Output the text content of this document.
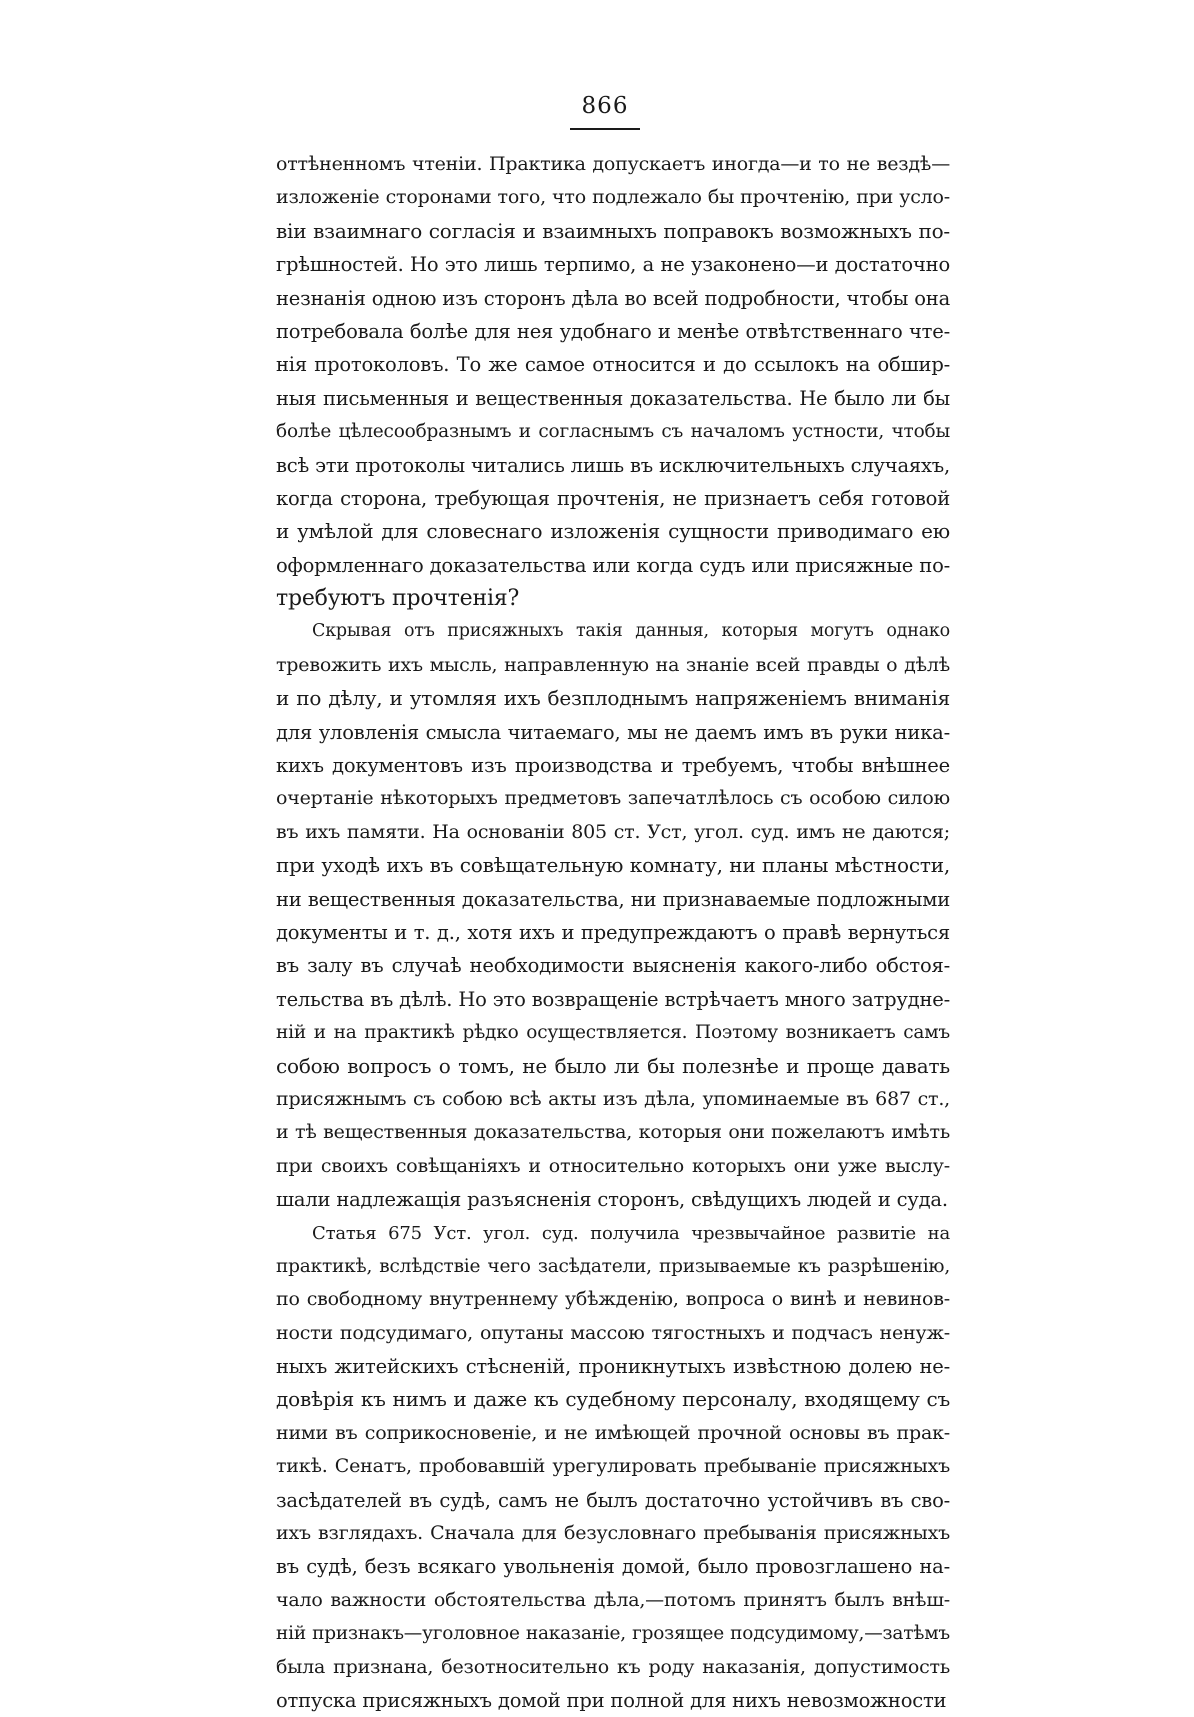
866
оттѣненномъ чтеніи. Практика допускаетъ иногда—и то не вездѣ—
изложеніе сторонами того, что подлежало бы прочтенію, при усло-
віи взаимнаго согласія и взаимныхъ поправокъ возможныхъ по-
грѣшностей. Но это лишь терпимо, а не узаконено—и достаточно
незнанія одною изъ сторонъ дѣла во всей подробности, чтобы она
потребовала болѣе для нея удобнаго и менѣе отвѣтственнаго чте-
нія протоколовъ. То же самое относится и до ссылокъ на обшир-
ныя письменныя и вещественныя доказательства. Не было ли бы
болѣе цѣлесообразнымъ и согласнымъ съ началомъ устности, чтобы
всѣ эти протоколы читались лишь въ исключительныхъ случаяхъ,
когда сторона, требующая прочтенія, не признаетъ себя готовой
и умѣлой для словеснаго изложенія сущности приводимаго ею
оформленнаго доказательства или когда судъ или присяжные по-
требуютъ прочтенія?
Скрывая отъ присяжныхъ такія данныя, которыя могутъ однако
тревожить ихъ мысль, направленную на знаніе всей правды о дѣлѣ
и по дѣлу, и утомляя ихъ безплоднымъ напряженіемъ вниманія
для уловленія смысла читаемаго, мы не даемъ имъ въ руки ника-
кихъ документовъ изъ производства и требуемъ, чтобы внѣшнее
очертаніе нѣкоторыхъ предметовъ запечатлѣлось съ особою силою
въ ихъ памяти. На основаніи 805 ст. Уст, угол. суд. имъ не даются;
при уходѣ ихъ въ совѣщательную комнату, ни планы мѣстности,
ни вещественныя доказательства, ни признаваемые подложными
документы и т. д., хотя ихъ и предупреждаютъ о правѣ вернуться
въ залу въ случаѣ необходимости выясненія какого-либо обстоя-
тельства въ дѣлѣ. Но это возвращеніе встрѣчаетъ много затрудне-
ній и на практикѣ рѣдко осуществляется. Поэтому возникаетъ самъ
собою вопросъ о томъ, не было ли бы полезнѣе и проще давать
присяжнымъ съ собою всѣ акты изъ дѣла, упоминаемые въ 687 ст.,
и тѣ вещественныя доказательства, которыя они пожелаютъ имѣть
при своихъ совѣщаніяхъ и относительно которыхъ они уже выслу-
шали надлежащія разъясненія сторонъ, свѣдущихъ людей и суда.
Статья 675 Уст. угол. суд. получила чрезвычайное развитіе на
практикѣ, вслѣдствіе чего засѣдатели, призываемые къ разрѣшенію,
по свободному внутреннему убѣжденію, вопроса о винѣ и невинов-
ности подсудимаго, опутаны массою тягостныхъ и подчасъ ненуж-
ныхъ житейскихъ стѣсненій, проникнутыхъ извѣстною долею не-
довѣрія къ нимъ и даже къ судебному персоналу, входящему съ
ними въ соприкосновеніе, и не имѣющей прочной основы въ прак-
тикѣ. Сенатъ, пробовавшій урегулировать пребываніе присяжныхъ
засѣдателей въ судѣ, самъ не былъ достаточно устойчивъ въ сво-
ихъ взглядахъ. Сначала для безусловнаго пребыванія присяжныхъ
въ судѣ, безъ всякаго увольненія домой, было провозглашено на-
чало важности обстоятельства дѣла,—потомъ принятъ былъ внѣш-
ній признакъ—уголовное наказаніе, грозящее подсудимому,—затѣмъ
была признана, безотносительно къ роду наказанія, допустимость
отпуска присяжныхъ домой при полной для нихъ невозможности
